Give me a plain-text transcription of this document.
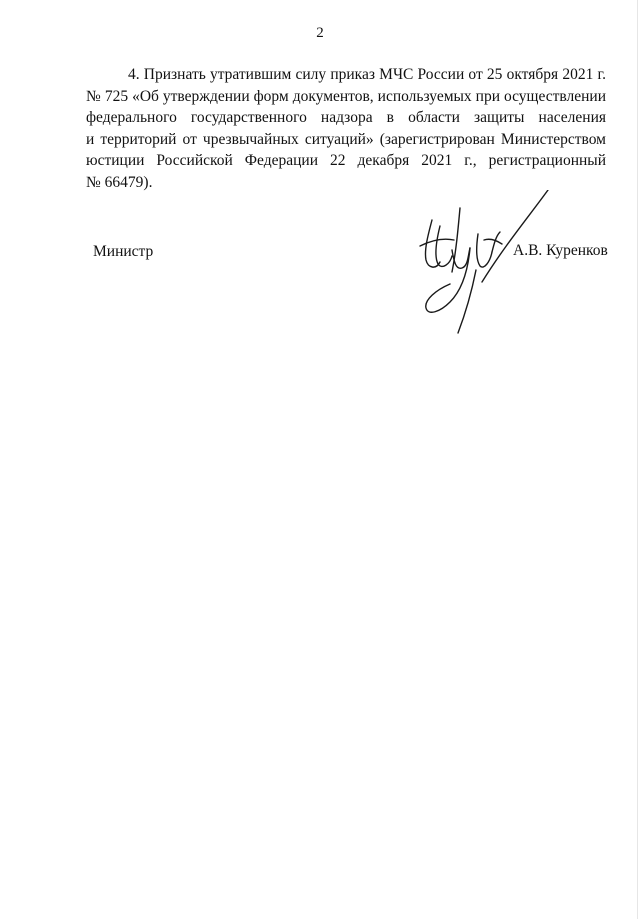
2

4. Признать утратившим силу приказ МЧС России от 25 октября 2021 г.
№ 725 «Об утверждении форм документов, используемых при осуществлении
федерального государственного надзора в области защиты населения
и территорий от чрезвычайных ситуаций» (зарегистрирован Министерством
юстиции Российской Федерации 22 декабря 2021 г., регистрационный
№ 66479).

Министр	А.В. Куренков
